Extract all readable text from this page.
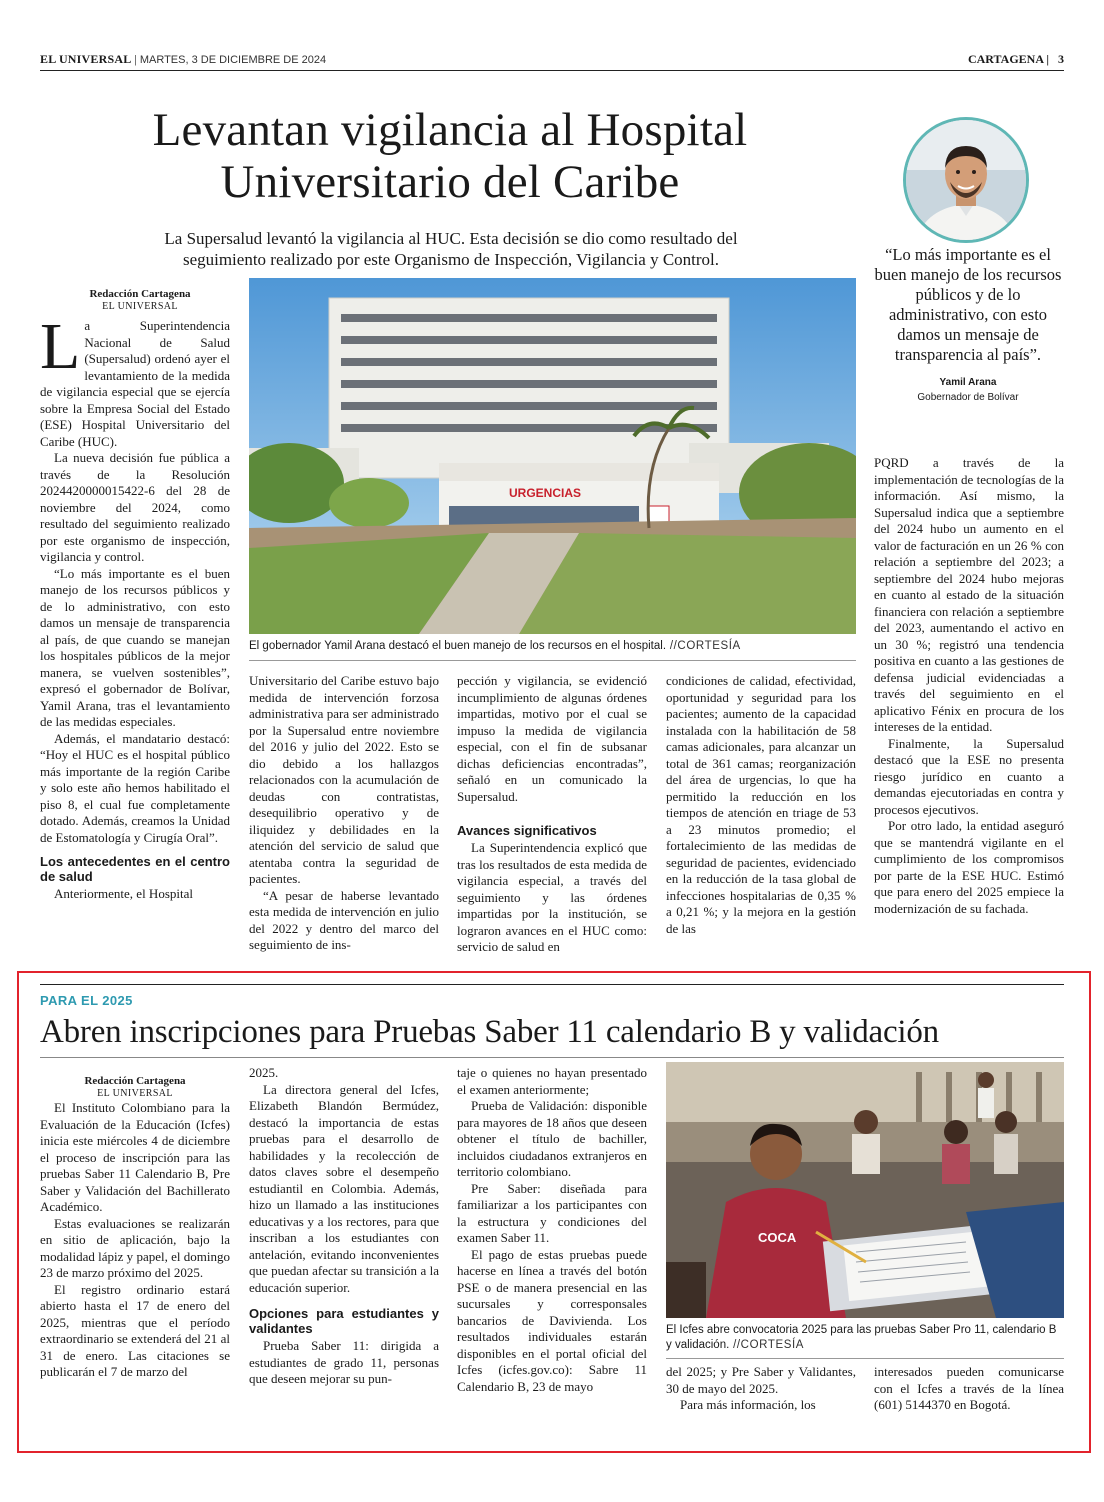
EL UNIVERSAL | MARTES, 3 DE DICIEMBRE DE 2024	CARTAGENA |   3
Levantan vigilancia al Hospital
Universitario del Caribe
La Supersalud levantó la vigilancia al HUC. Esta decisión se dio como resultado del
seguimiento realizado por este Organismo de Inspección, Vigilancia y Control.	“Lo más importante es el buen manejo de los recursos públicos y de lo administrativo, con esto damos un mensaje de transparencia al país”.
Yamil Arana
Gobernador de Bolívar
Redacción Cartagena
EL UNIVERSAL

La Superintendencia Nacional de Salud (Supersalud) ordenó ayer el levantamiento de la medida de vigilancia especial que se ejercía sobre la Empresa Social del Estado (ESE) Hospital Universitario del Caribe (HUC).

La nueva decisión fue pública a través de la Resolución 2024420000015422-6 del 28 de noviembre del 2024, como resultado del seguimiento realizado por este organismo de inspección, vigilancia y control.

“Lo más importante es el buen manejo de los recursos públicos y de lo administrativo, con esto damos un mensaje de transparencia al país, de que cuando se manejan los hospitales públicos de la mejor manera, se vuelven sostenibles”, expresó el gobernador de Bolívar, Yamil Arana, tras el levantamiento de las medidas especiales.

Además, el mandatario destacó: “Hoy el HUC es el hospital público más importante de la región Caribe y solo este año hemos habilitado el piso 8, el cual fue completamente dotado. Además, creamos la Unidad de Estomatología y Cirugía Oral”.

Los antecedentes en el centro de salud

Anteriormente, el Hospital

URGENCIAS
El gobernador Yamil Arana destacó el buen manejo de los recursos en el hospital. //CORTESÍA

Universitario del Caribe estuvo bajo medida de intervención forzosa administrativa para ser administrado por la Supersalud entre noviembre del 2016 y julio del 2022. Esto se dio debido a los hallazgos relacionados con la acumulación de deudas con contratistas, desequilibrio operativo y de iliquidez y debilidades en la atención del servicio de salud que atentaba contra la seguridad de pacientes.

“A pesar de haberse levantado esta medida de intervención en julio del 2022 y dentro del marco del seguimiento de ins-

pección y vigilancia, se evidenció incumplimiento de algunas órdenes impartidas, motivo por el cual se impuso la medida de vigilancia especial, con el fin de subsanar dichas deficiencias encontradas”, señaló en un comunicado la Supersalud.

Avances significativos

La Superintendencia explicó que tras los resultados de esta medida de vigilancia especial, a través del seguimiento y las órdenes impartidas por la institución, se lograron avances en el HUC como: servicio de salud en

condiciones de calidad, efectividad, oportunidad y seguridad para los pacientes; aumento de la capacidad instalada con la habilitación de 58 camas adicionales, para alcanzar un total de 361 camas; reorganización del área de urgencias, lo que ha permitido la reducción en los tiempos de atención en triage de 53 a 23 minutos promedio; el fortalecimiento de las medidas de seguridad de pacientes, evidenciado en la reducción de la tasa global de infecciones hospitalarias de 0,35 % a 0,21 %; y la mejora en la gestión de las

PQRD a través de la implementación de tecnologías de la información. Así mismo, la Supersalud indica que a septiembre del 2024 hubo un aumento en el valor de facturación en un 26 % con relación a septiembre del 2023; a septiembre del 2024 hubo mejoras en cuanto al estado de la situación financiera con relación a septiembre del 2023, aumentando el activo en un 30 %; registró una tendencia positiva en cuanto a las gestiones de defensa judicial evidenciadas a través del seguimiento en el aplicativo Fénix en procura de los intereses de la entidad.

Finalmente, la Supersalud destacó que la ESE no presenta riesgo jurídico en cuanto a demandas ejecutoriadas en contra y procesos ejecutivos.

Por otro lado, la entidad aseguró que se mantendrá vigilante en el cumplimiento de los compromisos por parte de la ESE HUC. Estimó que para enero del 2025 empiece la modernización de su fachada.

PARA EL 2025
Abren inscripciones para Pruebas Saber 11 calendario B y validación
Redacción Cartagena
EL UNIVERSAL

El Instituto Colombiano para la Evaluación de la Educación (Icfes) inicia este miércoles 4 de diciembre el proceso de inscripción para las pruebas Saber 11 Calendario B, Pre Saber y Validación del Bachillerato Académico.

Estas evaluaciones se realizarán en sitio de aplicación, bajo la modalidad lápiz y papel, el domingo 23 de marzo próximo del 2025.

El registro ordinario estará abierto hasta el 17 de enero del 2025, mientras que el período extraordinario se extenderá del 21 al 31 de enero. Las citaciones se publicarán el 7 de marzo del

2025.

La directora general del Icfes, Elizabeth Blandón Bermúdez, destacó la importancia de estas pruebas para el desarrollo de habilidades y la recolección de datos claves sobre el desempeño estudiantil en Colombia. Además, hizo un llamado a las instituciones educativas y a los rectores, para que inscriban a los estudiantes con antelación, evitando inconvenientes que puedan afectar su transición a la educación superior.

Opciones para estudiantes y validantes

Prueba Saber 11: dirigida a estudiantes de grado 11, personas que deseen mejorar su pun-

taje o quienes no hayan presentado el examen anteriormente;

Prueba de Validación: disponible para mayores de 18 años que deseen obtener el título de bachiller, incluidos ciudadanos extranjeros en territorio colombiano.

Pre Saber: diseñada para familiarizar a los participantes con la estructura y condiciones del examen Saber 11.

El pago de estas pruebas puede hacerse en línea a través del botón PSE o de manera presencial en las sucursales y corresponsales bancarios de Davivienda. Los resultados individuales estarán disponibles en el portal oficial del Icfes (icfes.gov.co): Sabre 11 Calendario B, 23 de mayo

COCA
El Icfes abre convocatoria 2025 para las pruebas Saber Pro 11, calendario B y validación. //CORTESÍA

del 2025; y Pre Saber y Validantes, 30 de mayo del 2025.

Para más información, los

interesados pueden comunicarse con el Icfes a través de la línea (601) 5144370 en Bogotá.
